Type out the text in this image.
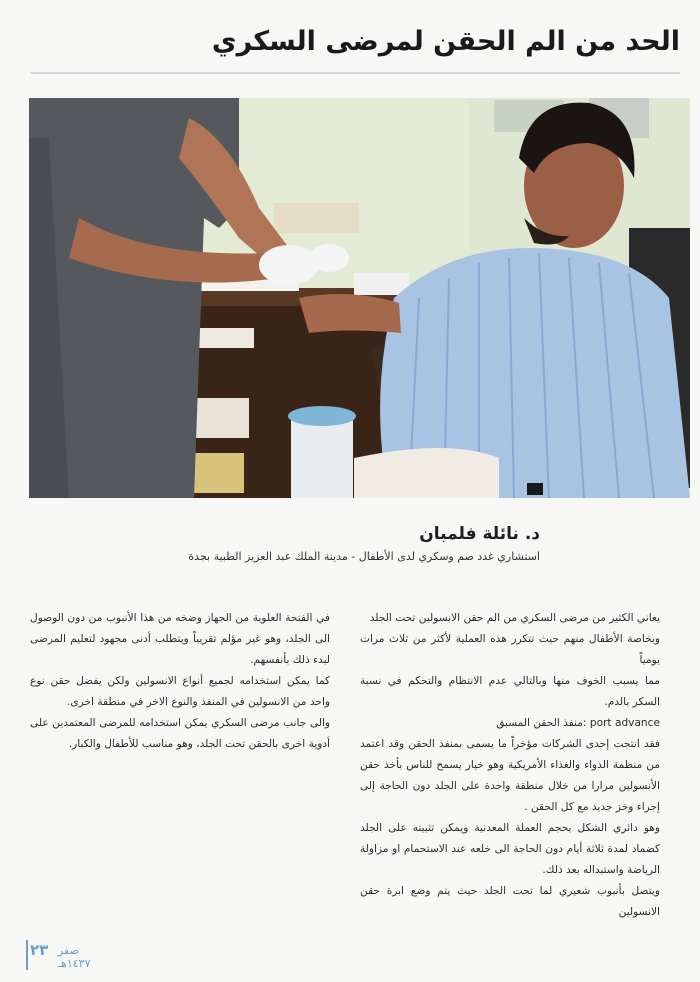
الحد من الم الحقن لمرضى السكري
د. نائلة فلمبان
استشاري غدد صم وسكري لدى الأطفال - مدينة الملك عبد العزيز الطبية بجدة

يعاني الكثير من مرضى السكري من الم حقن الانسولين تحت الجلد

وبخاصة الأطفال منهم حيث تتكرر هذه العملية لأكثر من ثلاث مرات يومياً

مما يسبب الخوف منها وبالتالي عدم الانتظام والتحكم في نسبة السكر بالدم.

port advance :منفذ الحقن المسبق

فقد انتجت إحدى الشركات مؤخراً ما يسمى بمنفذ الحقن وقد اعتمد من منظمة الدواء والغذاء الأمريكية وهو خيار يسمح للناس بأخذ حقن الأنسولين مرارا من خلال منطقة واحدة على الجلد دون الحاجة إلى إجراء وخز جديد مع كل الحقن .

وهو دائري الشكل بحجم العملة المعدنية ويمكن تثبيته على الجلد كضماد لمدة ثلاثة أيام دون الحاجة الى خلعه عند الاستحمام او مزاولة الرياضة واستبداله بعد ذلك.

ويتصل بأنبوب شعيري لما تحت الجلد حيث يتم وضع ابرة حقن الانسولين

في الفتحة العلوية من الجهاز وضخه من هذا الأنبوب من دون الوصول الى الجلد، وهو غير مؤلم تقريباً ويتطلب أدنى مجهود لتعليم المرضى لبدء ذلك بأنفسهم.

كما يمكن استخدامه لجميع أنواع الانسولين ولكن يفضل حقن نوع واحد من الانسولين في المنفذ والنوع الاخر في منطقة اخرى.

والى جانب مرضى السكري يمكن استخدامه للمرضى المعتمدين على أدوية اخرى بالحقن تحت الجلد، وهو مناسب للأطفال والكبار.

٢٣ صفر
١٤٣٧هـ
